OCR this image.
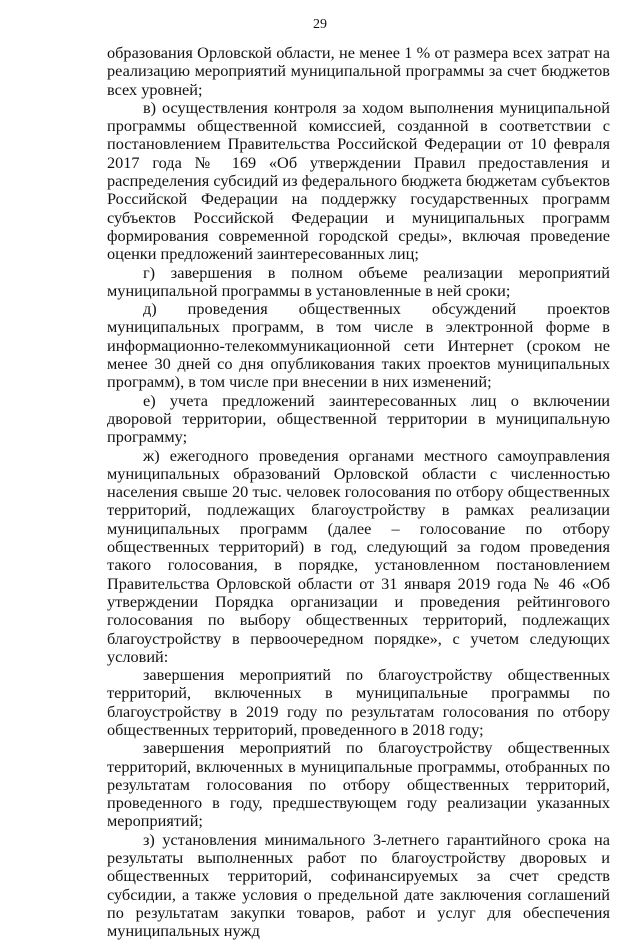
29

образования Орловской области, не менее 1 % от размера всех затрат на реализацию мероприятий муниципальной программы за счет бюджетов всех уровней;

в) осуществления контроля за ходом выполнения муниципальной программы общественной комиссией, созданной в соответствии с постановлением Правительства Российской Федерации от 10 февраля 2017 года № 169 «Об утверждении Правил предоставления и распределения субсидий из федерального бюджета бюджетам субъектов Российской Федерации на поддержку государственных программ субъектов Российской Федерации и муниципальных программ формирования современной городской среды», включая проведение оценки предложений заинтересованных лиц;

г) завершения в полном объеме реализации мероприятий муниципальной программы в установленные в ней сроки;

д) проведения общественных обсуждений проектов муниципальных программ, в том числе в электронной форме в информационно-телекоммуникационной сети Интернет (сроком не менее 30 дней со дня опубликования таких проектов муниципальных программ), в том числе при внесении в них изменений;

е) учета предложений заинтересованных лиц о включении дворовой территории, общественной территории в муниципальную программу;

ж) ежегодного проведения органами местного самоуправления муниципальных образований Орловской области с численностью населения свыше 20 тыс. человек голосования по отбору общественных территорий, подлежащих благоустройству в рамках реализации муниципальных программ (далее – голосование по отбору общественных территорий) в год, следующий за годом проведения такого голосования, в порядке, установленном постановлением Правительства Орловской области от 31 января 2019 года № 46 «Об утверждении Порядка организации и проведения рейтингового голосования по выбору общественных территорий, подлежащих благоустройству в первоочередном порядке», с учетом следующих условий:

завершения мероприятий по благоустройству общественных территорий, включенных в муниципальные программы по благоустройству в 2019 году по результатам голосования по отбору общественных территорий, проведенного в 2018 году;

завершения мероприятий по благоустройству общественных территорий, включенных в муниципальные программы, отобранных по результатам голосования по отбору общественных территорий, проведенного в году, предшествующем году реализации указанных мероприятий;

з) установления минимального 3-летнего гарантийного срока на результаты выполненных работ по благоустройству дворовых и общественных территорий, софинансируемых за счет средств субсидии, а также условия о предельной дате заключения соглашений по результатам закупки товаров, работ и услуг для обеспечения муниципальных нужд
